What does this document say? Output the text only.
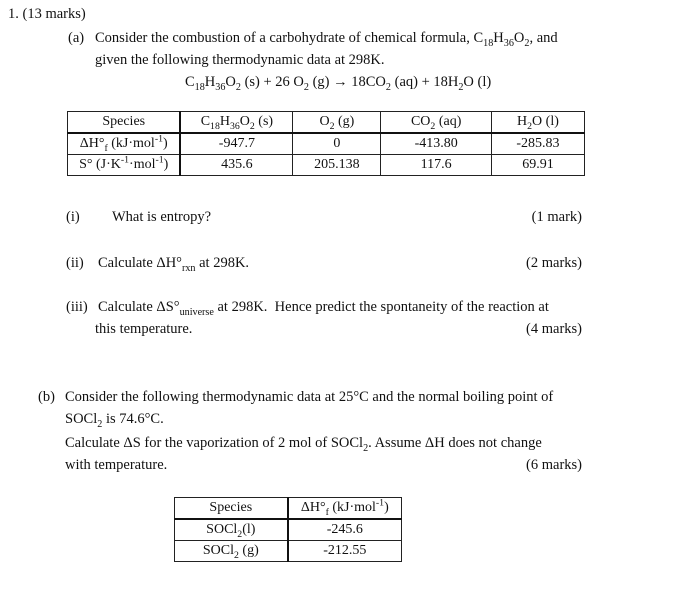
1. (13 marks)
(a) Consider the combustion of a carbohydrate of chemical formula, $C_{18}H_{36}O_2$, and
given the following thermodynamic data at 298K.
$C_{18}H_{36}O_2$ (s) + 26 $O_2$ $(g) \to 18CO_2$ $(aq) + 18H_2O$ (l)
Species	$C_{18}H_{36}O_2$ (s)	$O_2$ (g)	$CO_2$ (aq)	$H_2O$ (l)
$\Delta H^\circ_f$ (kJ·mol$^{-1}$)	-947.7	0	-413.80	-285.83
S° $(J\cdot K^{-1}\cdot mol^{-1})$	435.6	205.138	117.6	69.91
(i) What is entropy?	(1 mark)
(ii) Calculate $\Delta H^\circ_{rxn}$ at 298K.	(2 marks)
(iii) Calculate $\Delta S^\circ_{universe}$ at 298K.  Hence predict the spontaneity of the reaction at
this temperature.	(4 marks)
(b) Consider the following thermodynamic data at 25°C and the normal boiling point of
SOCl$_2$ is 74.6°C.
Calculate ΔS for the vaporization of 2 mol of SOCl$_2$. Assume ΔH does not change
with temperature.	(6 marks)
Species	$\Delta H^\circ_f$ (kJ·mol$^{-1}$)
SOCl$_2$(l)	-245.6
SOCl$_2$ (g)	-212.55
